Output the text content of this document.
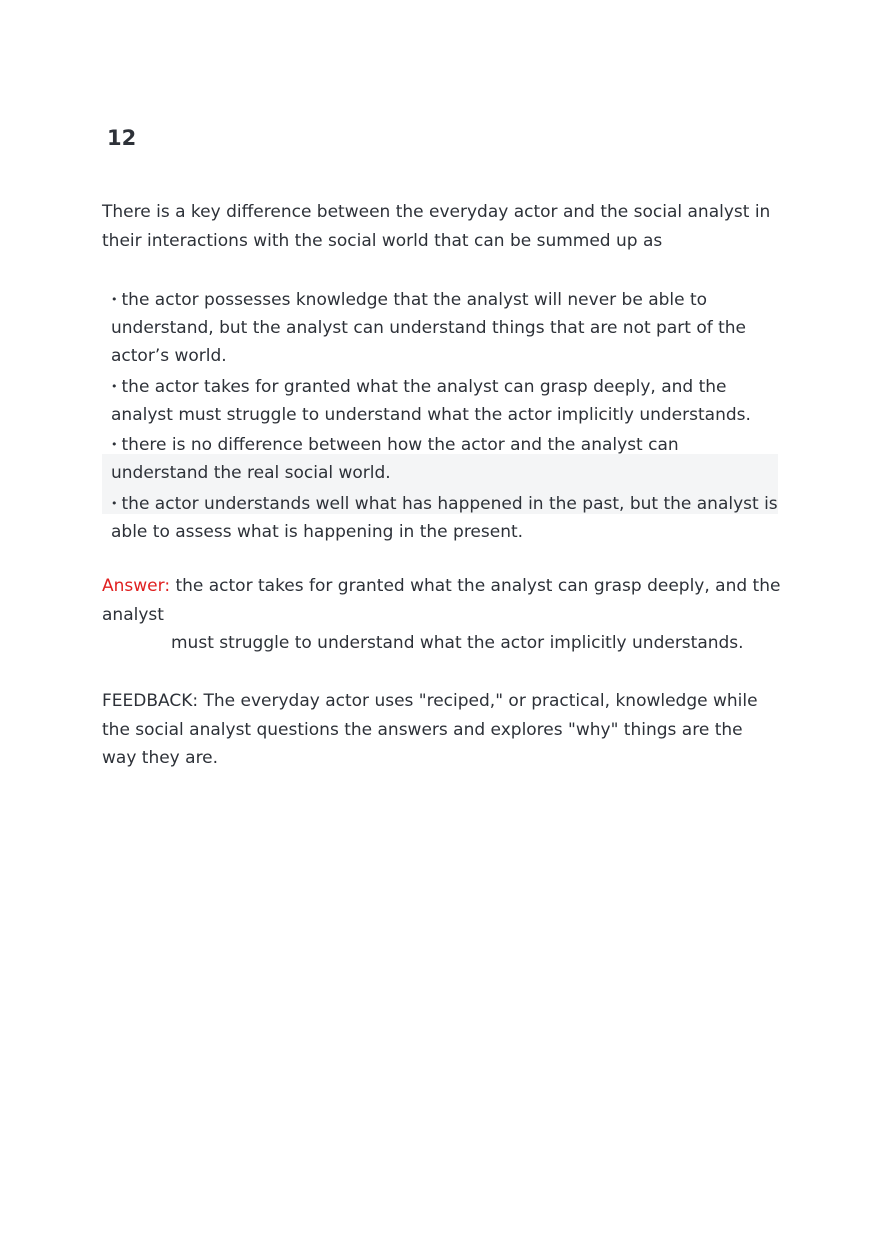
12

There is a key difference between the everyday actor and the social analyst in their interactions with the social world that can be summed up as

• the actor possesses knowledge that the analyst will never be able to understand, but the analyst can understand things that are not part of the actor’s world.
• the actor takes for granted what the analyst can grasp deeply, and the analyst must struggle to understand what the actor implicitly understands.
• there is no difference between how the actor and the analyst can understand the real social world.
• the actor understands well what has happened in the past, but the analyst is able to assess what is happening in the present.
Answer: the actor takes for granted what the analyst can grasp deeply, and the analyst
must struggle to understand what the actor implicitly understands.

FEEDBACK: The everyday actor uses "reciped," or practical, knowledge while the social analyst questions the answers and explores "why" things are the way they are.
